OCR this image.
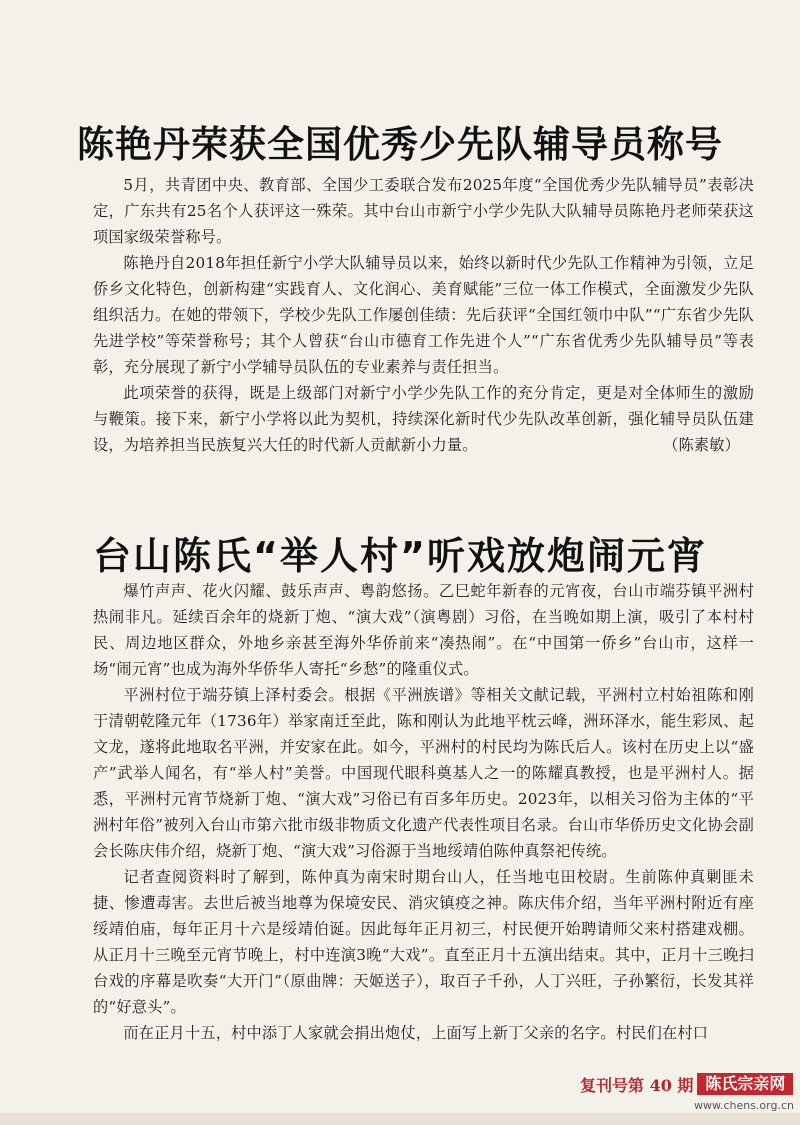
陈艳丹荣获全国优秀少先队辅导员称号

5月，共青团中央、教育部、全国少工委联合发布2025年度“全国优秀少先队辅导员”表彰决定，广东共有25名个人获评这一殊荣。其中台山市新宁小学少先队大队辅导员陈艳丹老师荣获这项国家级荣誉称号。

陈艳丹自2018年担任新宁小学大队辅导员以来，始终以新时代少先队工作精神为引领，立足侨乡文化特色，创新构建“实践育人、文化润心、美育赋能”三位一体工作模式，全面激发少先队组织活力。在她的带领下，学校少先队工作屡创佳绩：先后获评“全国红领巾中队”“广东省少先队先进学校”等荣誉称号；其个人曾获“台山市德育工作先进个人”“广东省优秀少先队辅导员”等表彰，充分展现了新宁小学辅导员队伍的专业素养与责任担当。

此项荣誉的获得，既是上级部门对新宁小学少先队工作的充分肯定，更是对全体师生的激励与鞭策。接下来，新宁小学将以此为契机，持续深化新时代少先队改革创新，强化辅导员队伍建设，为培养担当民族复兴大任的时代新人贡献新小力量。	（陈素敏）

台山陈氏“举人村”听戏放炮闹元宵

爆竹声声、花火闪耀、鼓乐声声、粤韵悠扬。乙巳蛇年新春的元宵夜，台山市端芬镇平洲村热闹非凡。延续百余年的烧新丁炮、“演大戏”（演粤剧）习俗，在当晚如期上演，吸引了本村村民、周边地区群众，外地乡亲甚至海外华侨前来“凑热闹”。在“中国第一侨乡”台山市，这样一场“闹元宵”也成为海外华侨华人寄托“乡愁”的隆重仪式。

平洲村位于端芬镇上泽村委会。根据《平洲族谱》等相关文献记载，平洲村立村始祖陈和刚于清朝乾隆元年（1736年）举家南迁至此，陈和刚认为此地平枕云峰，洲环泽水，能生彩凤、起文龙，遂将此地取名平洲，并安家在此。如今，平洲村的村民均为陈氏后人。该村在历史上以“盛产”武举人闻名，有“举人村”美誉。中国现代眼科奠基人之一的陈耀真教授，也是平洲村人。据悉，平洲村元宵节烧新丁炮、“演大戏”习俗已有百多年历史。2023年，以相关习俗为主体的“平洲村年俗”被列入台山市第六批市级非物质文化遗产代表性项目名录。台山市华侨历史文化协会副会长陈庆伟介绍，烧新丁炮、“演大戏”习俗源于当地绥靖伯陈仲真祭祀传统。

记者查阅资料时了解到，陈仲真为南宋时期台山人，任当地屯田校尉。生前陈仲真剿匪未捷、惨遭毒害。去世后被当地尊为保境安民、消灾镇疫之神。陈庆伟介绍，当年平洲村附近有座绥靖伯庙，每年正月十六是绥靖伯诞。因此每年正月初三，村民便开始聘请师父来村搭建戏棚。从正月十三晚至元宵节晚上，村中连演3晚“大戏”。直至正月十五演出结束。其中，正月十三晚扫台戏的序幕是吹奏“大开门”（原曲牌：天姬送子），取百子千孙，人丁兴旺，子孙繁衍，长发其祥的“好意头”。

而在正月十五，村中添丁人家就会捐出炮仗，上面写上新丁父亲的名字。村民们在村口

复刊号第 40 期 陈氏宗亲网
www.chens.org.cn
